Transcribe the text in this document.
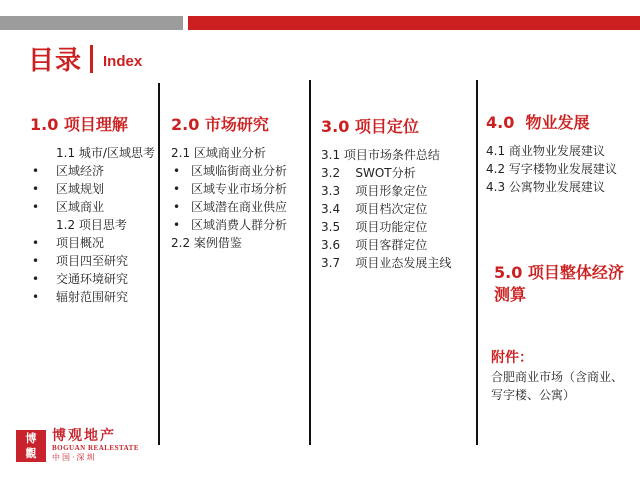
目录 Index
1.0 项目理解
1.1 城市/区域思考
•	区域经济
•	区域规划
•	区域商业
1.2 项目思考
•	项目概况
•	项目四至研究
•	交通环境研究
•	辐射范围研究
2.0 市场研究
2.1 区域商业分析
• 区域临街商业分析
• 区域专业市场分析
• 区域潜在商业供应
• 区域消费人群分析
2.2 案例借鉴
3.0 项目定位
3.1 项目市场条件总结
3.2    SWOT分析
3.3    项目形象定位
3.4    项目档次定位
3.5    项目功能定位
3.6    项目客群定位
3.7    项目业态发展主线
4.0  物业发展
4.1 商业物业发展建议
4.2 写字楼物业发展建议
4.3 公寓物业发展建议
5.0 项目整体经济测算
附件：
合肥商业市场（含商业、写字楼、公寓）
博
觀
博观地产
BOGUAN REALESTATE
中国·深圳
